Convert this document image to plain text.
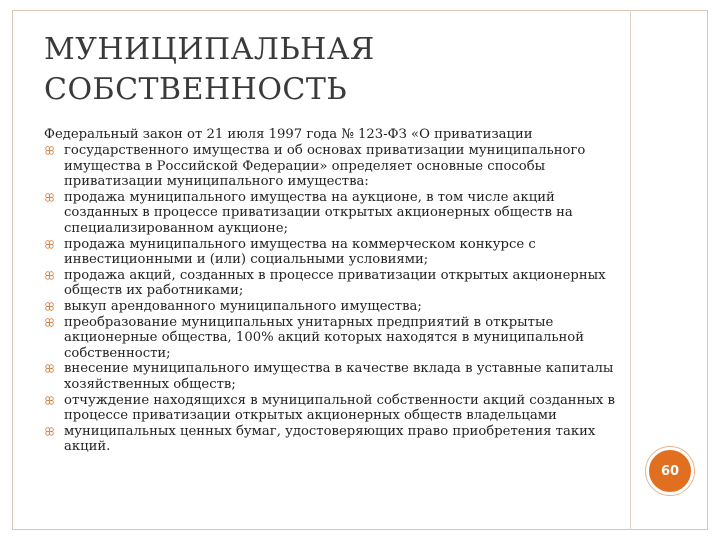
МУНИЦИПАЛЬНАЯ
СОБСТВЕННОСТЬ
Федеральный закон от 21 июля 1997 года № 123-ФЗ «О приватизации
государственного имущества и об основах приватизации муниципального имущества в Российской Федерации» определяет основные способы приватизации муниципального имущества:
продажа муниципального имущества на аукционе, в том числе акций созданных в процессе приватизации открытых акционерных обществ на специализированном аукционе;
продажа муниципального имущества на коммерческом конкурсе с инвестиционными и (или) социальными условиями;
продажа акций, созданных в процессе приватизации открытых акционерных обществ их работниками;
выкуп арендованного муниципального имущества;
преобразование муниципальных унитарных предприятий в открытые акционерные общества, 100% акций которых находятся в муниципальной собственности;
внесение муниципального имущества в качестве вклада в уставные капиталы хозяйственных обществ;
отчуждение находящихся в муниципальной собственности акций созданных в процессе приватизации открытых акционерных обществ владельцами
муниципальных ценных бумаг, удостоверяющих право приобретения таких акций.
60
